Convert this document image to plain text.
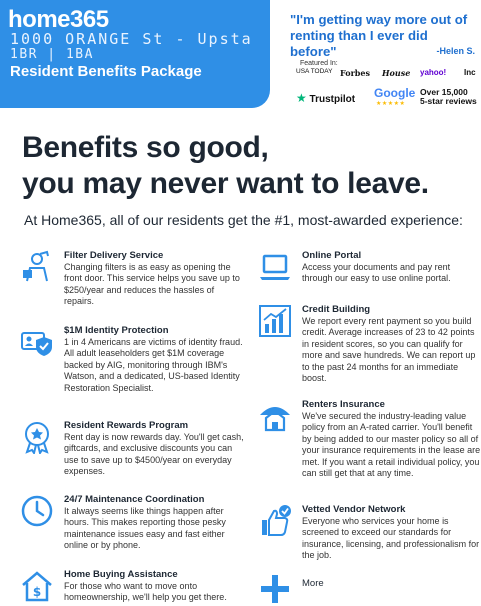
home365
1000 ORANGE St - Upsta
1BR | 1BA
Resident Benefits Package
"I'm getting way more out of renting than I ever did before"	-Helen S.
Featured In:
USA TODAY Forbes House yahoo! Inc
★ Trustpilot Google
★★★★★
Over 15,000
5-star reviews
Benefits so good,
you may never want to leave.
At Home365, all of our residents get the #1, most-awarded experience:
Filter Delivery Service
Changing filters is as easy as opening the front door. This service helps you save up to $250/year and reduces the hassles of repairs.
$1M Identity Protection
1 in 4 Americans are victims of identity fraud. All adult leaseholders get $1M coverage backed by AIG, monitoring through IBM's Watson, and a dedicated, US-based Identity Restoration Specialist.
Resident Rewards Program
Rent day is now rewards day. You'll get cash, giftcards, and exclusive discounts you can use to save up to $4500/year on everyday expenses.
24/7 Maintenance Coordination
It always seems like things happen after hours. This makes reporting those pesky maintenance issues easy and fast either online or by phone.
$
Home Buying Assistance
For those who want to move onto homeownership, we'll help you get there.
Online Portal
Access your documents and pay rent through our easy to use online portal.
Credit Building
We report every rent payment so you build credit. Average increases of 23 to 42 points in resident scores, so you can qualify for more and save hundreds. We can report up to the past 24 months for an immediate boost.
Renters Insurance
We've secured the industry-leading value policy from an A-rated carrier. You'll benefit by being added to our master policy so all of your insurance requirements in the lease are met. If you want a retail individual policy, you can still get that at any time.
Vetted Vendor Network
Everyone who services your home is screened to exceed our standards for insurance, licensing, and professionalism for the job.
More
